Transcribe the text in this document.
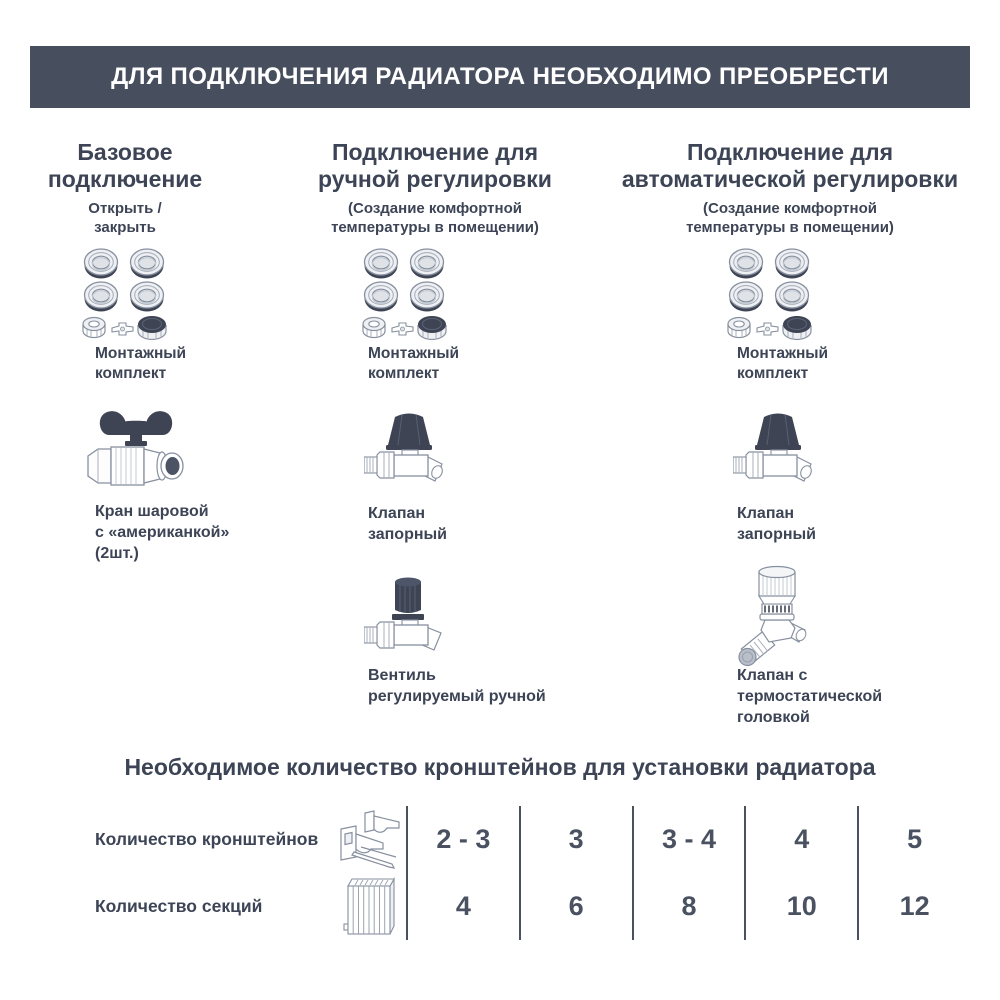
ДЛЯ ПОДКЛЮЧЕНИЯ РАДИАТОРА НЕОБХОДИМО ПРЕОБРЕСТИ
Базовое
подключение

Открыть /
закрыть

Монтажный
комплект

Кран шаровой
с «американкой»
(2шт.)

Подключение для
ручной регулировки

(Создание комфортной
температуры в помещении)

Монтажный
комплект

Клапан
запорный

Вентиль
регулируемый ручной

Подключение для
автоматической регулировки

(Создание комфортной
температуры в помещении)

Монтажный
комплект

Клапан
запорный

Клапан с
термостатической
головкой

Необходимое количество кронштейнов для установки радиатора
Количество кронштейнов	2 - 3	3	3 - 4	4	5
Количество секций	4	6	8	10	12
